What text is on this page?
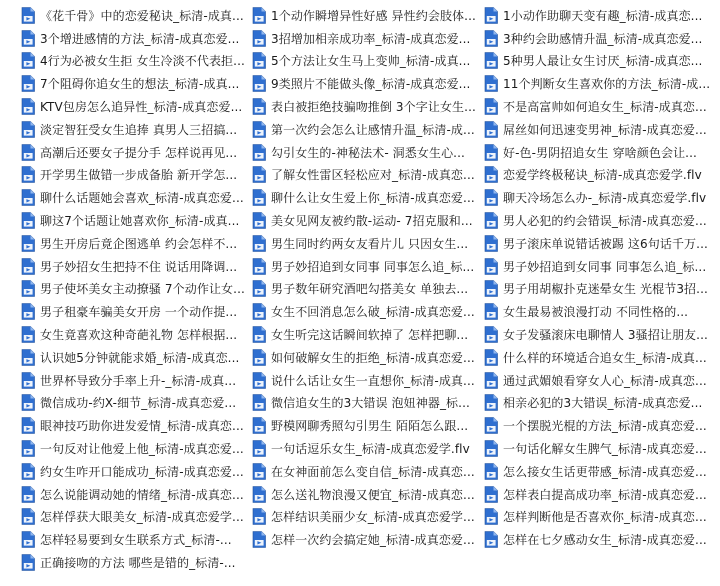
《花千骨》中的恋爱秘诀_标清-成真...
3个增进感情的方法_标清-成真恋爱...
4行为必被女生拒 女生冷淡不代表拒...
7个阻碍你追女生的想法_标清-成真...
KTV包房怎么追异性_标清-成真恋爱...
淡定智狂受女生追捧 真男人三招搞...
高潮后还要女子提分手 怎样说再见...
开学男生做错一步成备胎 新开学怎...
聊什么话题她会喜欢_标清-成真恋爱...
聊这7个话题让她喜欢你_标清-成真...
男生开房后竟企图逃单 约会怎样不...
男子妙招女生把持不住 说话用降调...
男子使坏美女主动撩骚 7个动作让女...
男子租豪车骗美女开房 一个动作提...
女生竟喜欢这种奇葩礼物 怎样根据...
认识她5分钟就能求婚_标清-成真恋...
世界杯导致分手率上升-_标清-成真...
微信成功-约X-细节_标清-成真恋爱...
眼神技巧助你进发爱情_标清-成真恋...
一句反对让他爱上他_标清-成真恋爱...
约女生咋开口能成功_标清-成真恋爱...
怎么说能调动她的情绪_标清-成真恋...
怎样俘获大眼美女_标清-成真恋爱学...
怎样轻易要到女生联系方式_标清-...
正确接吻的方法 哪些是错的_标清-...
1个动作瞬增异性好感 异性约会肢体...
3招增加相亲成功率_标清-成真恋爱...
5个方法让女生马上变帅_标清-成真...
9类照片不能做头像_标清-成真恋爱...
表白被拒绝技骗吻推倒 3个字让女生...
第一次约会怎么让感情升温_标清-成...
勾引女生的-神秘法术- 洞悉女生心...
了解女性雷区轻松应对_标清-成真恋...
聊什么让女生爱上你_标清-成真恋爱...
美女见网友被约散-运动- 7招克服和...
男生同时约两女友看片儿 只因女生...
男子妙招追到女同事 同事怎么追_标...
男子数年研究酒吧勾搭美女 单独去...
女生不回消息怎么破_标清-成真恋爱...
女生听完这话瞬间软掉了 怎样把聊...
如何破解女生的拒绝_标清-成真恋爱...
说什么话让女生一直想你_标清-成真...
微信追女生的3大错误 泡妞神器_标...
野模网聊秀照勾引男生 陌陌怎么跟...
一句话逗乐女生_标清-成真恋爱学.flv
在女神面前怎么变自信_标清-成真恋...
怎么送礼物浪漫又便宜_标清-成真恋...
怎样结识美丽少女_标清-成真恋爱学...
怎样一次约会搞定她_标清-成真恋爱...
1小动作助聊天变有趣_标清-成真恋...
3种约会助感情升温_标清-成真恋爱...
5种男人最让女生讨厌_标清-成真恋...
11个判断女生喜欢你的方法_标清-成...
不是高富帅如何追女生_标清-成真恋...
屌丝如何迅速变男神_标清-成真恋爱...
好-色-男阴招追女生 穿啥颜色会让...
恋爱学终极秘诀_标清-成真恋爱学.flv
聊天冷场怎么办-_标清-成真恋爱学.flv
男人必犯的约会错误_标清-成真恋爱...
男子滚床单说错话被踢 这6句话千万...
男子妙招追到女同事 同事怎么追_标...
男子用胡椒扑克迷晕女生 光棍节3招...
女生最易被浪漫打动 不同性格的...
女子发骚滚床电聊情人 3骚招让朋友...
什么样的环境适合追女生_标清-成真...
通过武媚娘看穿女人心_标清-成真恋...
相亲必犯的3大错误_标清-成真恋爱...
一个摆脱光棍的方法_标清-成真恋爱...
一句话化解女生脾气_标清-成真恋爱...
怎么接女生话更带感_标清-成真恋爱...
怎样表白提高成功率_标清-成真恋爱...
怎样判断他是否喜欢你_标清-成真恋...
怎样在七夕感动女生_标清-成真恋爱...
